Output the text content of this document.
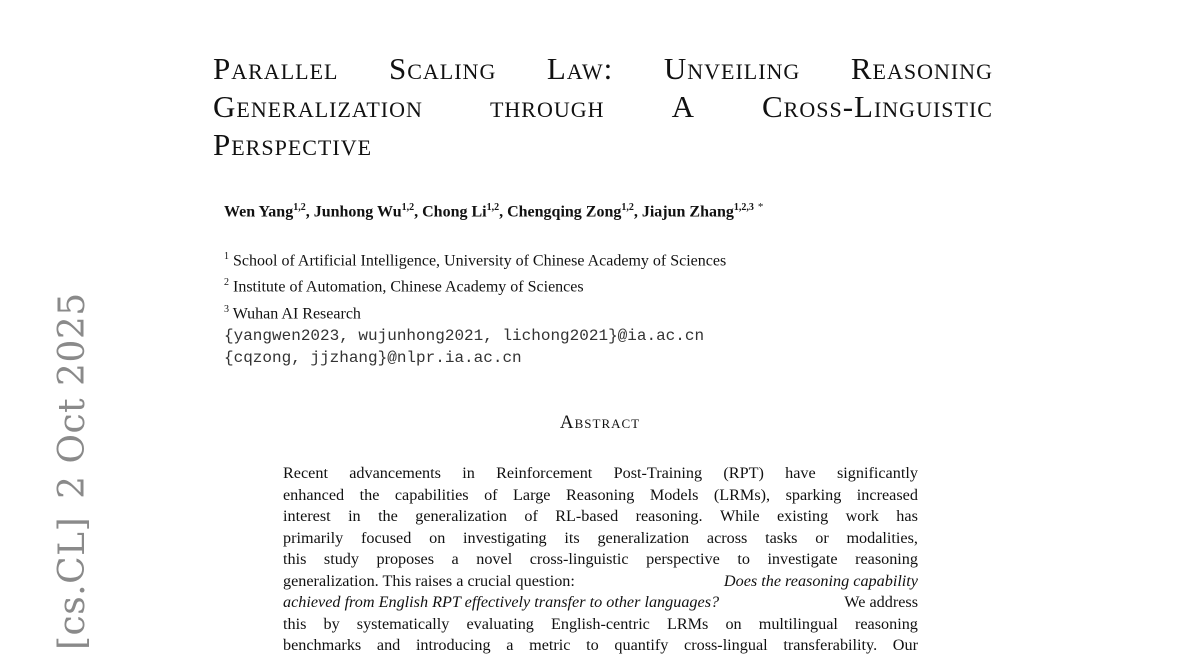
[cs.CL]2 Oct 2025
Parallel Scaling Law: Unveiling Reasoning
Generalization through A Cross-Linguistic
Perspective
Wen Yang$^{1,2}$, Junhong Wu$^{1,2}$, Chong Li$^{1,2}$, Chengqing Zong$^{1,2}$, Jiajun Zhang$^{1,2,3}$ *
$^1$ School of Artificial Intelligence, University of Chinese Academy of Sciences
$^2$ Institute of Automation, Chinese Academy of Sciences
$^3$ Wuhan AI Research
{yangwen2023, wujunhong2021, lichong2021}@ia.ac.cn
{cqzong, jjzhang}@nlpr.ia.ac.cn
Abstract
Recent advancements in Reinforcement Post-Training (RPT) have significantly
enhanced the capabilities of Large Reasoning Models (LRMs), sparking increased
interest in the generalization of RL-based reasoning. While existing work has
primarily focused on investigating its generalization across tasks or modalities,
this study proposes a novel cross-linguistic perspective to investigate reasoning
generalization. This raises a crucial question:	Does the reasoning capability
achieved from English RPT effectively transfer to other languages?	We address
this by systematically evaluating English-centric LRMs on multilingual reasoning
benchmarks and introducing a metric to quantify cross-lingual transferability. Our
